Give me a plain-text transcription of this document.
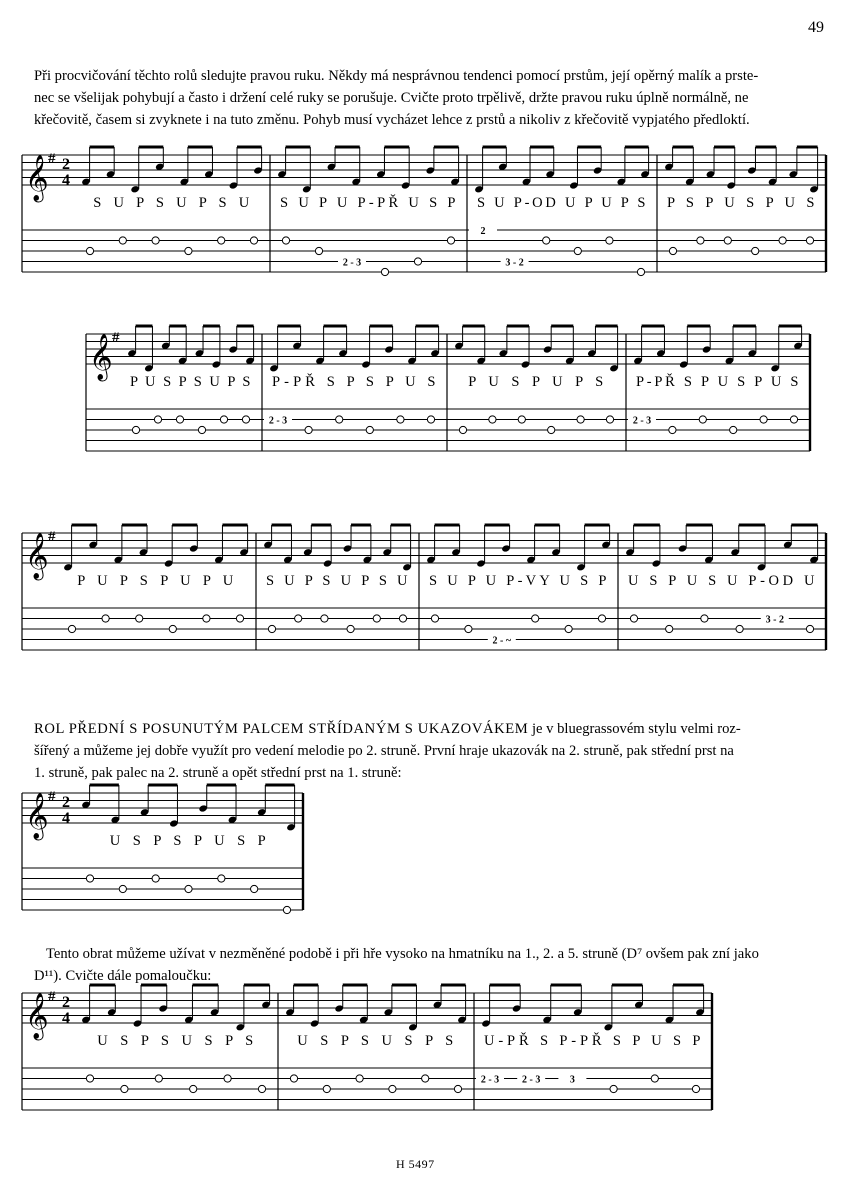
49

Při procvičování těchto rolů sledujte pravou ruku. Někdy má nesprávnou tendenci pomocí prstům, její opěrný malík a prste-

nec se všelijak pohybují a často i držení celé ruky se porušuje. Cvičte proto trpělivě, držte pravou ruku úplně normálně, ne

křečovitě, časem si zvyknete i na tuto změnu. Pohyb musí vycházet lehce z prstů a nikoliv z křečovitě vypjatého předloktí.

𝄞 # 2
4
S U P S U P S U S U P U P-PŘ U S P
2 - 3
S U P-OD U P U P S
2
3 - 2
P S P U S P U S
𝄞 #
P U S P S U P S P-PŘ S P S P U S
2 - 3
P U S P U P S P-PŘ S P U S P U S
2 - 3
𝄞 #
P U P S P U P U S U P S U P S U S U P U P-VY U S P
2 - ~
U S P U S U P-OD U
3 - 2

ROL PŘEDNÍ S POSUNUTÝM PALCEM STŘÍDANÝM S UKAZOVÁKEM je v bluegrassovém stylu velmi roz-

šířený a můžeme jej dobře využít pro vedení melodie po 2. struně. První hraje ukazovák na 2. struně, pak střední prst na

1. struně, pak palec na 2. struně a opět střední prst na 1. struně:

𝄞 # 2
4
U S P S P U S P

Tento obrat můžeme užívat v nezměněné podobě i při hře vysoko na hmatníku na 1., 2. a 5. struně (D⁷ ovšem pak zní jako

D¹¹). Cvičte dále pomaloučku:

𝄞 # 2
4
U S P S U S P S	U S P S U S P S U-PŘ S P-PŘ S P U S P
2 - 3 2 - 3	3
H 5497
